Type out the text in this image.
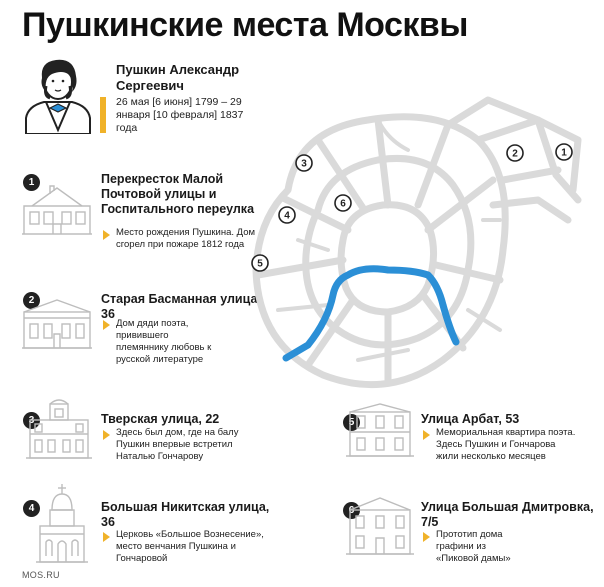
Пушкинские места Москвы
Пушкин Александр Сергеевич
26 мая [6 июня] 1799 – 29 января [10 февраля] 1837 года
1	Перекресток Малой Почтовой улицы и Госпитального переулка
Место рождения Пушкина. Дом сгорел при пожаре 1812 года
2	Старая Басманная улица, 36
Дом дяди поэта, привившего племяннику любовь к русской литературе
3	Тверская улица, 22
Здесь был дом, где на балу Пушкин впервые встретил Наталью Гончарову
4	Большая Никитская улица, 36
Церковь «Большое Вознесение», место венчания Пушкина и Гончаровой
5	Улица Арбат, 53
Мемориальная квартира поэта. Здесь Пушкин и Гончарова жили несколько месяцев
6	Улица Большая Дмитровка, 7/5
Прототип дома графини из «Пиковой дамы»
1
2
3
4
5
6
MOS.RU
